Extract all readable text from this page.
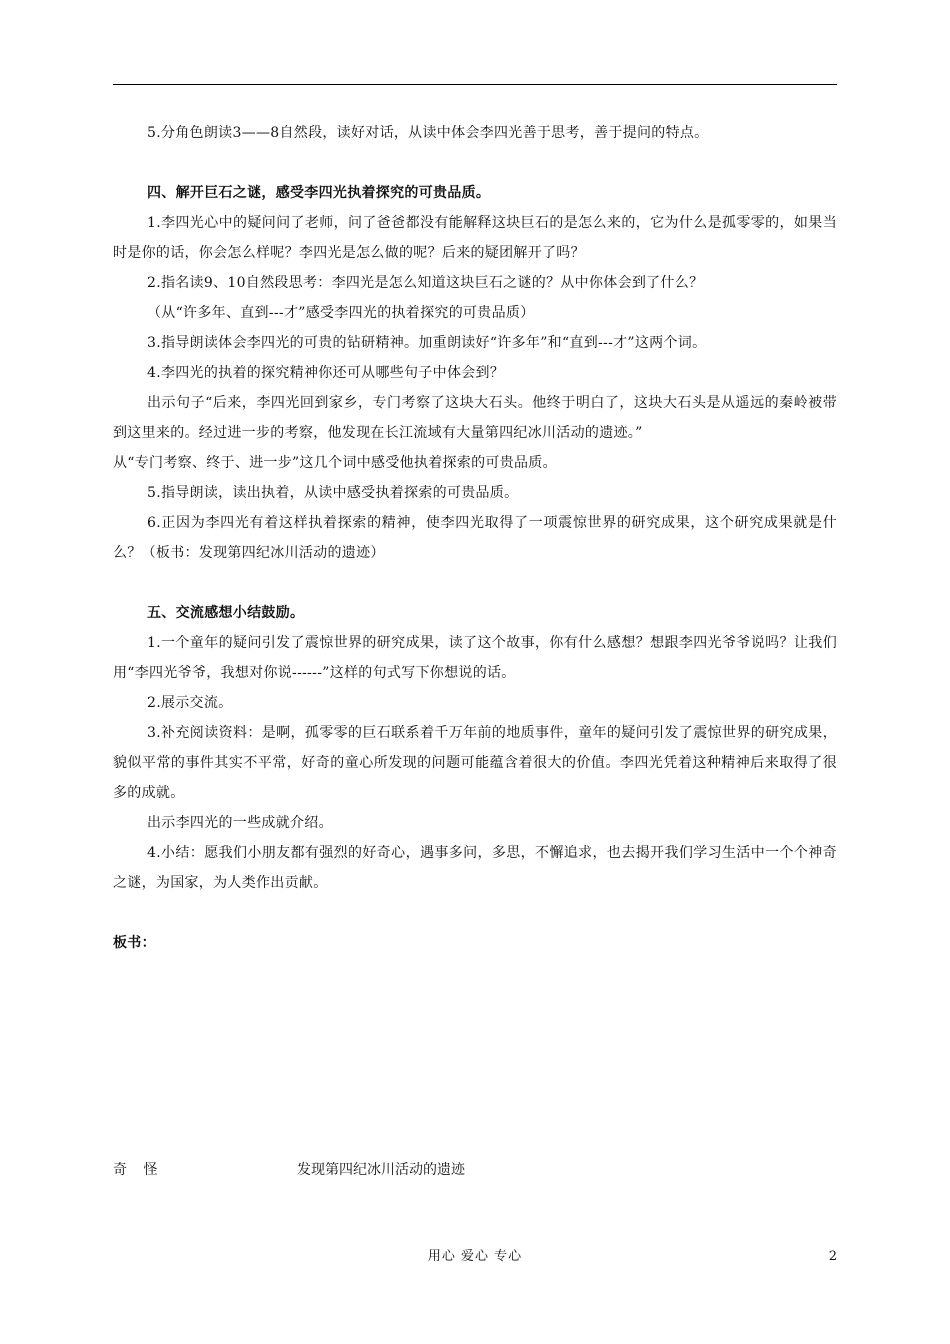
5.分角色朗读3——8自然段，读好对话，从读中体会李四光善于思考，善于提问的特点。

四、解开巨石之谜，感受李四光执着探究的可贵品质。

1.李四光心中的疑问问了老师，问了爸爸都没有能解释这块巨石的是怎么来的，它为什么是孤零零的，如果当时是你的话，你会怎么样呢？李四光是怎么做的呢？后来的疑团解开了吗？

2.指名读9、10自然段思考：李四光是怎么知道这块巨石之谜的？从中你体会到了什么？

（从“许多年、直到---才”感受李四光的执着探究的可贵品质）

3.指导朗读体会李四光的可贵的钻研精神。加重朗读好“许多年”和“直到---才”这两个词。

4.李四光的执着的探究精神你还可从哪些句子中体会到？

出示句子“后来，李四光回到家乡，专门考察了这块大石头。他终于明白了，这块大石头是从遥远的秦岭被带到这里来的。经过进一步的考察，他发现在长江流域有大量第四纪冰川活动的遗迹。”

从“专门考察、终于、进一步”这几个词中感受他执着探索的可贵品质。

5.指导朗读，读出执着，从读中感受执着探索的可贵品质。

6.正因为李四光有着这样执着探索的精神，使李四光取得了一项震惊世界的研究成果，这个研究成果就是什么？（板书：发现第四纪冰川活动的遗迹）

五、交流感想小结鼓励。

1.一个童年的疑问引发了震惊世界的研究成果，读了这个故事，你有什么感想？想跟李四光爷爷说吗？让我们用“李四光爷爷，我想对你说------”这样的句式写下你想说的话。

2.展示交流。

3.补充阅读资料：是啊，孤零零的巨石联系着千万年前的地质事件，童年的疑问引发了震惊世界的研究成果，貌似平常的事件其实不平常，好奇的童心所发现的问题可能蕴含着很大的价值。李四光凭着这种精神后来取得了很多的成就。

出示李四光的一些成就介绍。

4.小结：愿我们小朋友都有强烈的好奇心，遇事多问，多思，不懈追求，也去揭开我们学习生活中一个个神奇之谜，为国家，为人类作出贡献。

板书：

奇 怪	发现第四纪冰川活动的遗迹
用心 爱心 专心	2
